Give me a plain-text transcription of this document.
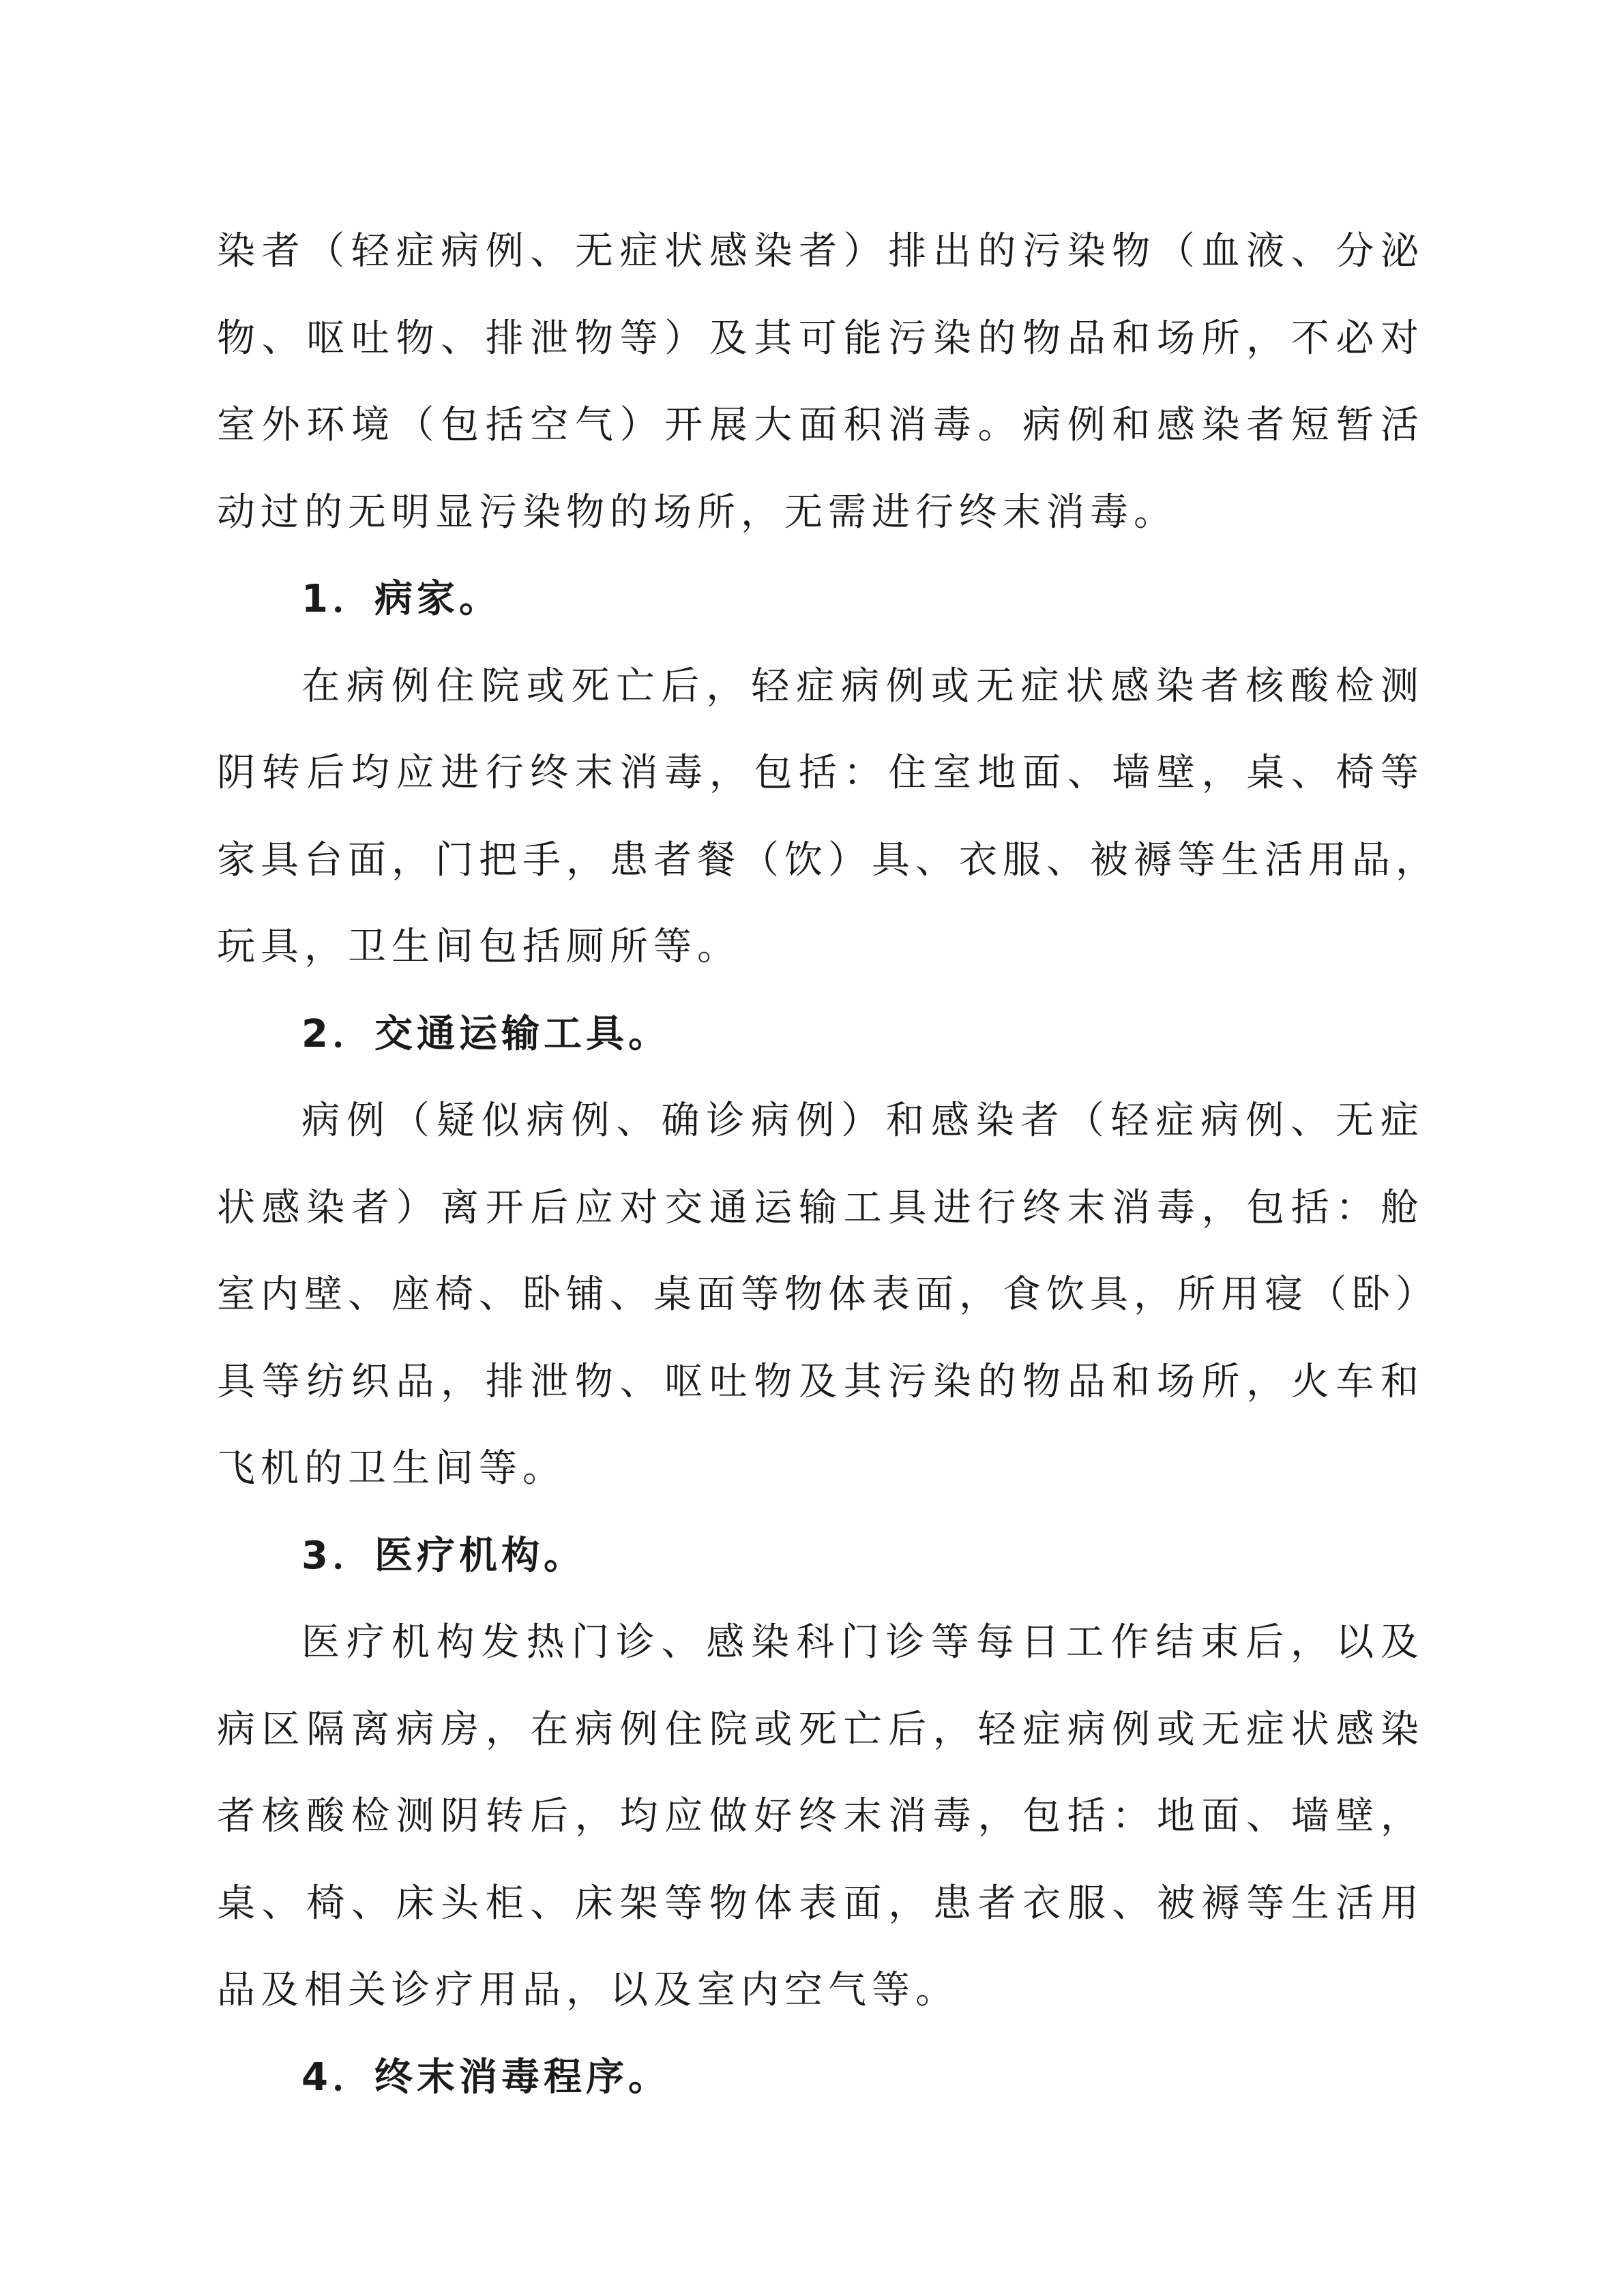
染者（轻症病例、无症状感染者）排出的污染物（血液、分泌
物、呕吐物、排泄物等）及其可能污染的物品和场所，不必对
室外环境（包括空气）开展大面积消毒。病例和感染者短暂活
动过的无明显污染物的场所，无需进行终末消毒。
1．病家。
在病例住院或死亡后，轻症病例或无症状感染者核酸检测
阴转后均应进行终末消毒，包括：住室地面、墙壁，桌、椅等
家具台面，门把手，患者餐（饮）具、衣服、被褥等生活用品，
玩具，卫生间包括厕所等。
2．交通运输工具。
病例（疑似病例、确诊病例）和感染者（轻症病例、无症
状感染者）离开后应对交通运输工具进行终末消毒，包括：舱
室内壁、座椅、卧铺、桌面等物体表面，食饮具，所用寝（卧）
具等纺织品，排泄物、呕吐物及其污染的物品和场所，火车和
飞机的卫生间等。
3．医疗机构。
医疗机构发热门诊、感染科门诊等每日工作结束后，以及
病区隔离病房，在病例住院或死亡后，轻症病例或无症状感染
者核酸检测阴转后，均应做好终末消毒，包括：地面、墙壁，
桌、椅、床头柜、床架等物体表面，患者衣服、被褥等生活用
品及相关诊疗用品，以及室内空气等。
4．终末消毒程序。
